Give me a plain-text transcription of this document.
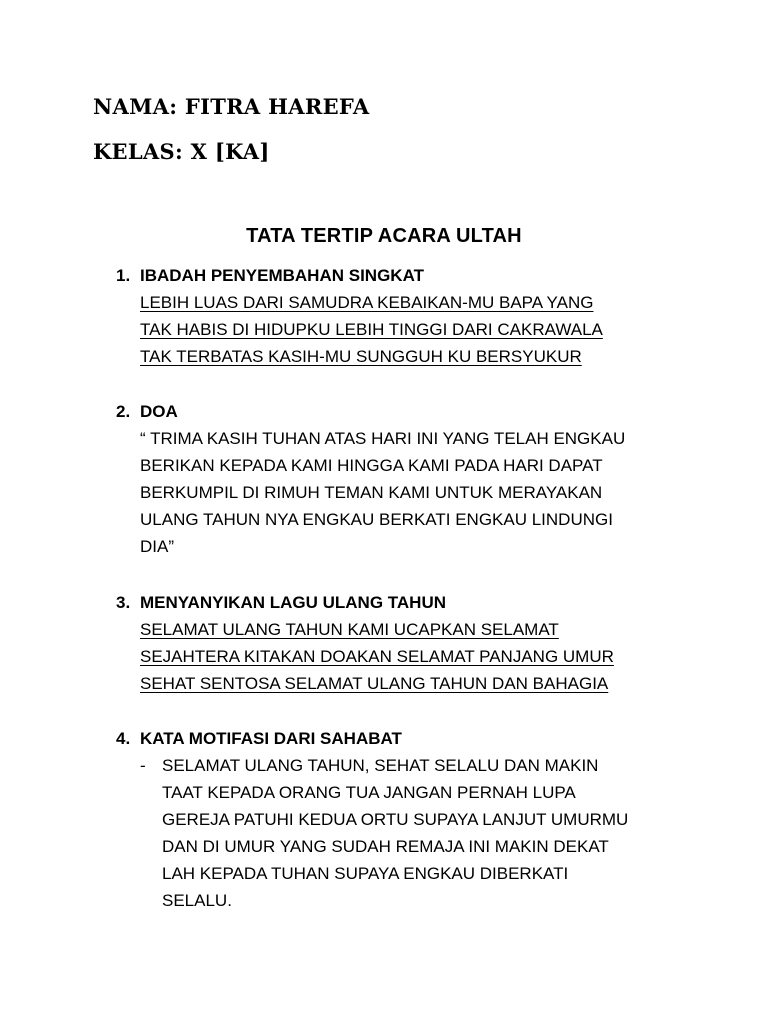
NAMA: FITRA HAREFA
KELAS: X [KA]
TATA TERTIP ACARA ULTAH
1. IBADAH PENYEMBAHAN SINGKAT
LEBIH LUAS DARI SAMUDRA KEBAIKAN-MU BAPA YANG
TAK HABIS DI HIDUPKU LEBIH TINGGI DARI CAKRAWALA
TAK TERBATAS KASIH-MU SUNGGUH KU BERSYUKUR
2. DOA
“ TRIMA KASIH TUHAN ATAS HARI INI YANG TELAH ENGKAU
BERIKAN KEPADA KAMI HINGGA KAMI PADA HARI DAPAT
BERKUMPIL DI RIMUH TEMAN KAMI UNTUK MERAYAKAN
ULANG TAHUN NYA ENGKAU BERKATI ENGKAU LINDUNGI
DIA”
3. MENYANYIKAN LAGU ULANG TAHUN
SELAMAT ULANG TAHUN KAMI UCAPKAN SELAMAT
SEJAHTERA KITAKAN DOAKAN SELAMAT PANJANG UMUR
SEHAT SENTOSA SELAMAT ULANG TAHUN DAN BAHAGIA
4. KATA MOTIFASI DARI SAHABAT
- SELAMAT ULANG TAHUN, SEHAT SELALU DAN MAKIN
TAAT KEPADA ORANG TUA JANGAN PERNAH LUPA
GEREJA PATUHI KEDUA ORTU SUPAYA LANJUT UMURMU
DAN DI UMUR YANG SUDAH REMAJA INI MAKIN DEKAT
LAH KEPADA TUHAN SUPAYA ENGKAU DIBERKATI
SELALU.
